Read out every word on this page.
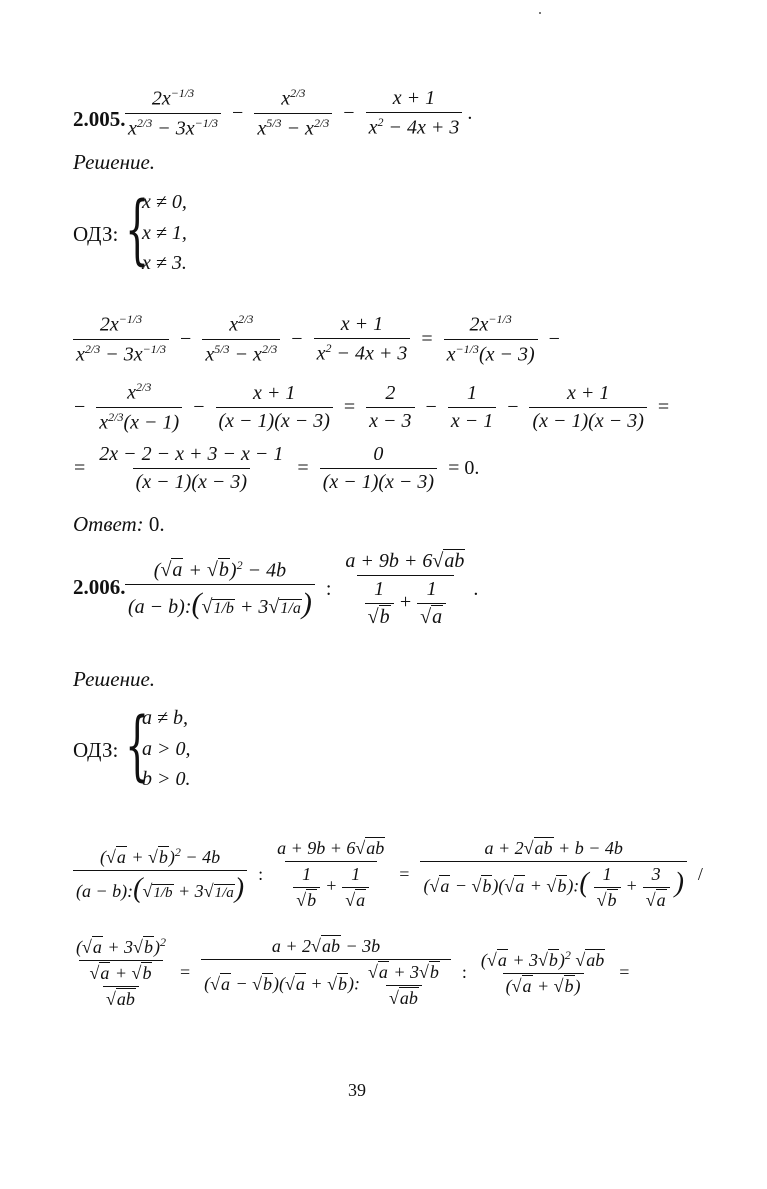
2.005. $\frac{2x^{-1/3}}{x^{2/3} - 3x^{-1/3}} - \frac{x^{2/3}}{x^{5/3} - x^{2/3}} - \frac{x + 1}{x^2 - 4x + 3}$ .
Решение.
ОДЗ: {
x ≠ 0,
x ≠ 1,
x ≠ 3.
$\frac{2x^{-1/3}}{x^{2/3} - 3x^{-1/3}} - \frac{x^{2/3}}{x^{5/3} - x^{2/3}} - \frac{x + 1}{x^2 - 4x + 3} = \frac{2x^{-1/3}}{x^{-1/3}(x - 3)}$ −
− $\frac{x^{2/3}}{x^{2/3}(x - 1)} - \frac{x + 1}{(x - 1)(x - 3)} = \frac{2}{x - 3} - \frac{1}{x - 1} - \frac{x + 1}{(x - 1)(x - 3)}$ =
= $\frac{2x - 2 - x + 3 - x - 1}{(x - 1)(x - 3)} = \frac{0}{(x - 1)(x - 3)} = 0$.
Ответ: 0.
2.006. $\frac{( √ a + √ b)^2 - 4b}{(a - b):( √ 1/b + 3 √ 1/a)}$ : a + 9b + 6 √ ab
1
√ b + 1
√ a .
Решение.
ОДЗ: {
a ≠ b,
a > 0,
b > 0.
$\frac{( √ a + √ b)^2 - 4b}{(a - b):( √ 1/b + 3 √ 1/a)}$ : a + 9b + 6 √ ab
1
√ b + 1
√ a = a + 2 √ ab + b − 4b
( √ a − √ b)( √ a + √ b):( 1
√ b + 3
√ a ) /
( √ a + 3 √ b)$^2$
√ a + √ b
√ ab = a + 2 √ ab − 3b
( √ a − √ b)( √ a + √ b): √ a + 3 √ b
√ ab : $\frac{( √ a + 3 √ b)^2 √ ab}{( √ a + √ b)}$ =
39
